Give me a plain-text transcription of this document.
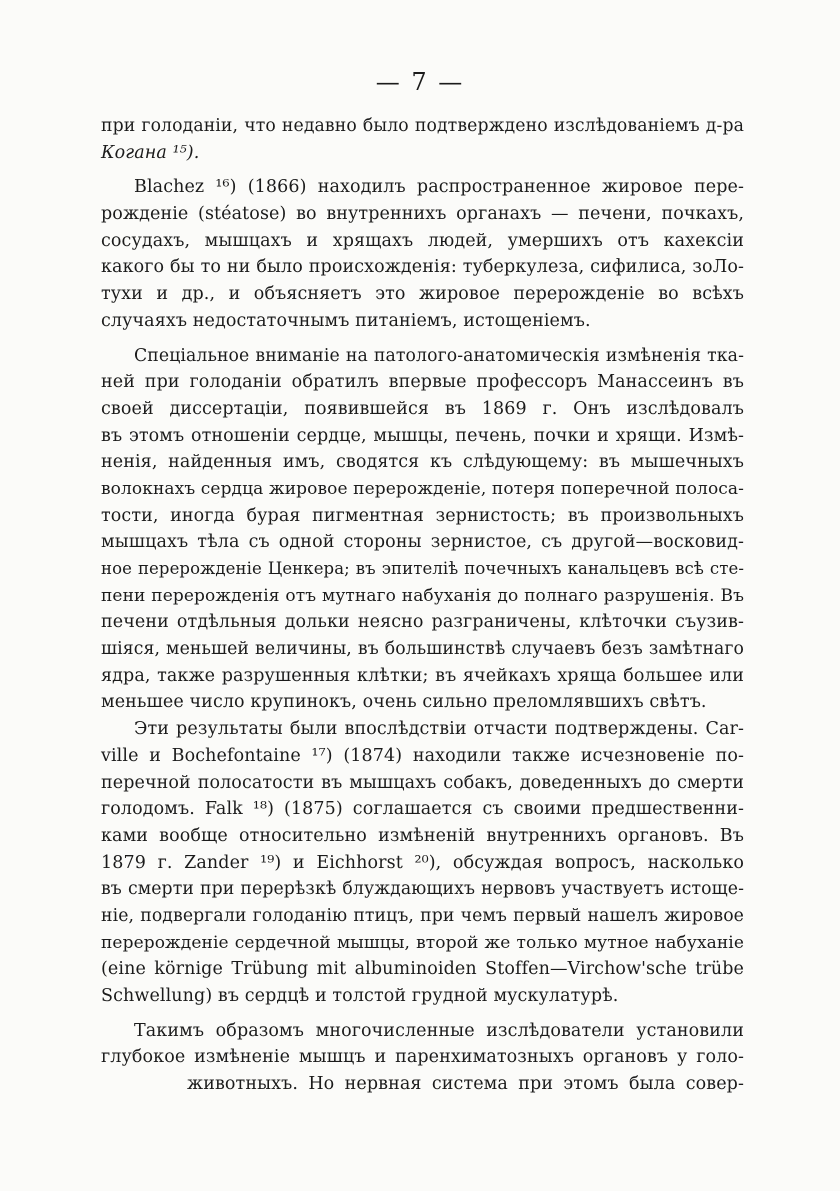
— 7 —
при голоданіи, что недавно было подтверждено изслѣдованіемъ д-ра
Когана ¹⁵).
Blachez ¹⁶) (1866) находилъ распространенное жировое пере-
рожденіе (stéatose) во внутреннихъ органахъ — печени, почкахъ,
сосудахъ, мышцахъ и хрящахъ людей, умершихъ отъ кахексіи
какого бы то ни было происхожденія: туберкулеза, сифилиса, зоЛо-
тухи и др., и объясняетъ это жировое перерожденіе во всѣхъ
случаяхъ недостаточнымъ питаніемъ, истощеніемъ.
Спеціальное вниманіе на патолого-анатомическія измѣненія тка-
ней при голоданіи обратилъ впервые профессоръ Манассеинъ въ
своей диссертаціи, появившейся въ 1869 г. Онъ изслѣдовалъ
въ этомъ отношеніи сердце, мышцы, печень, почки и хрящи. Измѣ-
ненія, найденныя имъ, сводятся къ слѣдующему: въ мышечныхъ
волокнахъ сердца жировое перерожденіе, потеря поперечной полоса-
тости, иногда бурая пигментная зернистость; въ произвольныхъ
мышцахъ тѣла съ одной стороны зернистое, съ другой—восковид-
ное перерожденіе Ценкера; въ эпителіѣ почечныхъ канальцевъ всѣ сте-
пени перерожденія отъ мутнаго набуханія до полнаго разрушенія. Въ
печени отдѣльныя дольки неясно разграничены, клѣточки съузив-
шіяся, меньшей величины, въ большинствѣ случаевъ безъ замѣтнаго
ядра, также разрушенныя клѣтки; въ ячейкахъ хряща большее или
меньшее число крупинокъ, очень сильно преломлявшихъ свѣтъ.
Эти результаты были впослѣдствіи отчасти подтверждены. Car-
ville и Bochefontaine ¹⁷) (1874) находили также исчезновеніе по-
перечной полосатости въ мышцахъ собакъ, доведенныхъ до смерти
голодомъ. Falk ¹⁸) (1875) соглашается съ своими предшественни-
ками вообще относительно измѣненій внутреннихъ органовъ. Въ
1879 г. Zander ¹⁹) и Eichhorst ²⁰), обсуждая вопросъ, насколько
въ смерти при перерѣзкѣ блуждающихъ нервовъ участвуетъ истоще-
ніе, подвергали голоданію птицъ, при чемъ первый нашелъ жировое
перерожденіе сердечной мышцы, второй же только мутное набуханіе
(eine körnige Trübung mit albuminoiden Stoffen—Virchow'sche trübe
Schwellung) въ сердцѣ и толстой грудной мускулатурѣ.
Такимъ образомъ многочисленные изслѣдователи установили
глубокое измѣненіе мышцъ и паренхиматозныхъ органовъ у голо-
животныхъ. Но нервная система при этомъ была совер-
